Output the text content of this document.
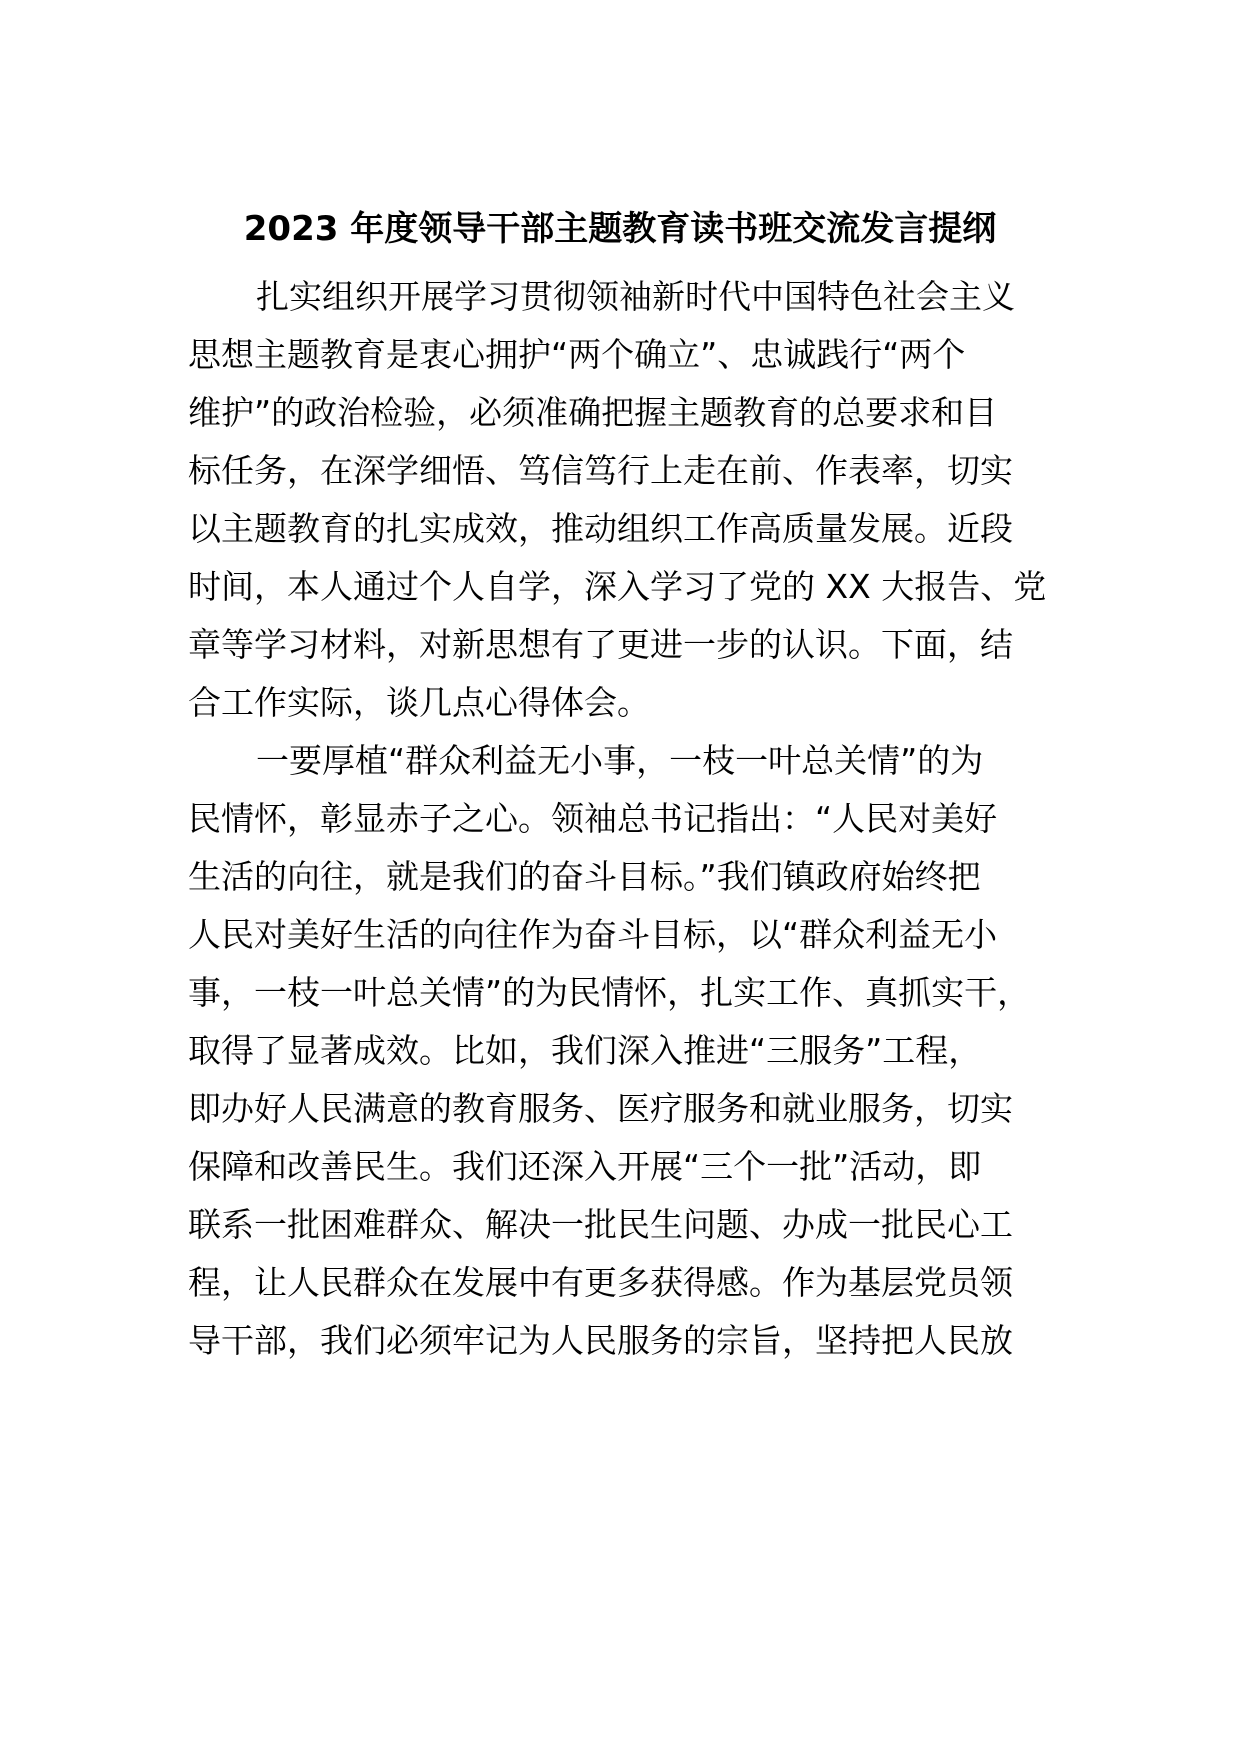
2023 年度领导干部主题教育读书班交流发言提纲
扎实组织开展学习贯彻领袖新时代中国特色社会主义
思想主题教育是衷心拥护“两个确立”、忠诚践行“两个
维护”的政治检验，必须准确把握主题教育的总要求和目
标任务，在深学细悟、笃信笃行上走在前、作表率，切实
以主题教育的扎实成效，推动组织工作高质量发展。近段
时间，本人通过个人自学，深入学习了党的 XX 大报告、党
章等学习材料，对新思想有了更进一步的认识。下面，结
合工作实际，谈几点心得体会。
一要厚植“群众利益无小事，一枝一叶总关情”的为
民情怀，彰显赤子之心。领袖总书记指出：“人民对美好
生活的向往，就是我们的奋斗目标。”我们镇政府始终把
人民对美好生活的向往作为奋斗目标，以“群众利益无小
事，一枝一叶总关情”的为民情怀，扎实工作、真抓实干，
取得了显著成效。比如，我们深入推进“三服务”工程，
即办好人民满意的教育服务、医疗服务和就业服务，切实
保障和改善民生。我们还深入开展“三个一批”活动，即
联系一批困难群众、解决一批民生问题、办成一批民心工
程，让人民群众在发展中有更多获得感。作为基层党员领
导干部，我们必须牢记为人民服务的宗旨，坚持把人民放
